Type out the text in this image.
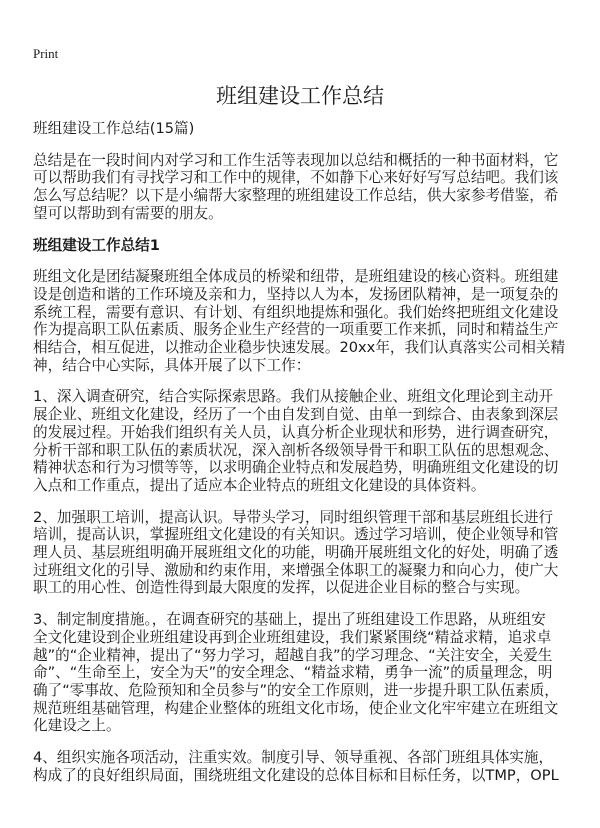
Print
班组建设工作总结
班组建设工作总结(15篇)
总结是在一段时间内对学习和工作生活等表现加以总结和概括的一种书面材料，它
可以帮助我们有寻找学习和工作中的规律，不如静下心来好好写写总结吧。我们该
怎么写总结呢？以下是小编帮大家整理的班组建设工作总结，供大家参考借鉴，希
望可以帮助到有需要的朋友。
班组建设工作总结1
班组文化是团结凝聚班组全体成员的桥梁和纽带，是班组建设的核心资料。班组建
设是创造和谐的工作环境及亲和力，坚持以人为本，发扬团队精神，是一项复杂的
系统工程，需要有意识、有计划、有组织地提炼和强化。我们始终把班组文化建设
作为提高职工队伍素质、服务企业生产经营的一项重要工作来抓，同时和精益生产
相结合，相互促进，以推动企业稳步快速发展。20xx年，我们认真落实公司相关精
神，结合中心实际，具体开展了以下工作：
1、深入调查研究，结合实际探索思路。我们从接触企业、班组文化理论到主动开
展企业、班组文化建设，经历了一个由自发到自觉、由单一到综合、由表象到深层
的发展过程。开始我们组织有关人员，认真分析企业现状和形势，进行调查研究，
分析干部和职工队伍的素质状况，深入剖析各级领导骨干和职工队伍的思想观念、
精神状态和行为习惯等等，以求明确企业特点和发展趋势，明确班组文化建设的切
入点和工作重点，提出了适应本企业特点的班组文化建设的具体资料。
2、加强职工培训，提高认识。导带头学习，同时组织管理干部和基层班组长进行
培训，提高认识，掌握班组文化建设的有关知识。透过学习培训，使企业领导和管
理人员、基层班组明确开展班组文化的功能，明确开展班组文化的好处，明确了透
过班组文化的引导、激励和约束作用，来增强全体职工的凝聚力和向心力，使广大
职工的用心性、创造性得到最大限度的发挥，以促进企业目标的整合与实现。
3、制定制度措施。，在调查研究的基础上，提出了班组建设工作思路，从班组安
全文化建设到企业班组建设再到企业班组建设，我们紧紧围绕“精益求精，追求卓
越”的“企业精神，提出了“努力学习，超越自我”的学习理念、“关注安全，关爱生
命”、“生命至上，安全为天”的安全理念、“精益求精，勇争一流”的质量理念，明
确了“零事故、危险预知和全员参与”的安全工作原则，进一步提升职工队伍素质，
规范班组基础管理，构建企业整体的班组文化市场，使企业文化牢牢建立在班组文
化建设之上。
4、组织实施各项活动，注重实效。制度引导、领导重视、各部门班组具体实施，
构成了的良好组织局面，围绕班组文化建设的总体目标和目标任务，以TMP，OPL
